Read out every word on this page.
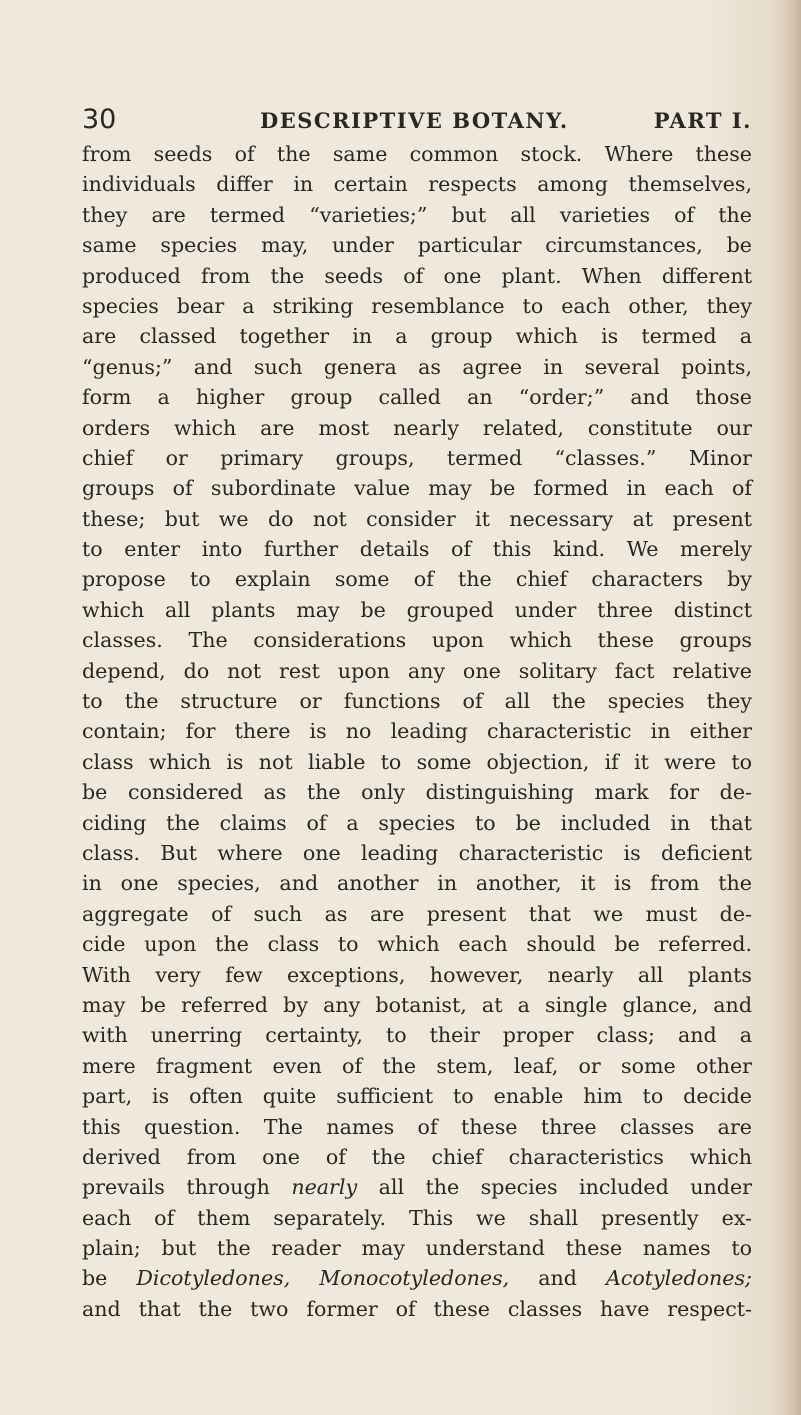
30	DESCRIPTIVE BOTANY.	PART I.
from seeds of the same common stock. Where these
individuals differ in certain respects among themselves,
they are termed “varieties;” but all varieties of the
same species may, under particular circumstances, be
produced from the seeds of one plant. When different
species bear a striking resemblance to each other, they
are classed together in a group which is termed a
“genus;” and such genera as agree in several points,
form a higher group called an “order;” and those
orders which are most nearly related, constitute our
chief or primary groups, termed “classes.” Minor
groups of subordinate value may be formed in each of
these; but we do not consider it necessary at present
to enter into further details of this kind. We merely
propose to explain some of the chief characters by
which all plants may be grouped under three distinct
classes. The considerations upon which these groups
depend, do not rest upon any one solitary fact relative
to the structure or functions of all the species they
contain; for there is no leading characteristic in either
class which is not liable to some objection, if it were to
be considered as the only distinguishing mark for de-
ciding the claims of a species to be included in that
class. But where one leading characteristic is deficient
in one species, and another in another, it is from the
aggregate of such as are present that we must de-
cide upon the class to which each should be referred.
With very few exceptions, however, nearly all plants
may be referred by any botanist, at a single glance, and
with unerring certainty, to their proper class; and a
mere fragment even of the stem, leaf, or some other
part, is often quite sufficient to enable him to decide
this question. The names of these three classes are
derived from one of the chief characteristics which
prevails through nearly all the species included under
each of them separately. This we shall presently ex-
plain; but the reader may understand these names to
be Dicotyledones, Monocotyledones, and Acotyledones;
and that the two former of these classes have respect-
